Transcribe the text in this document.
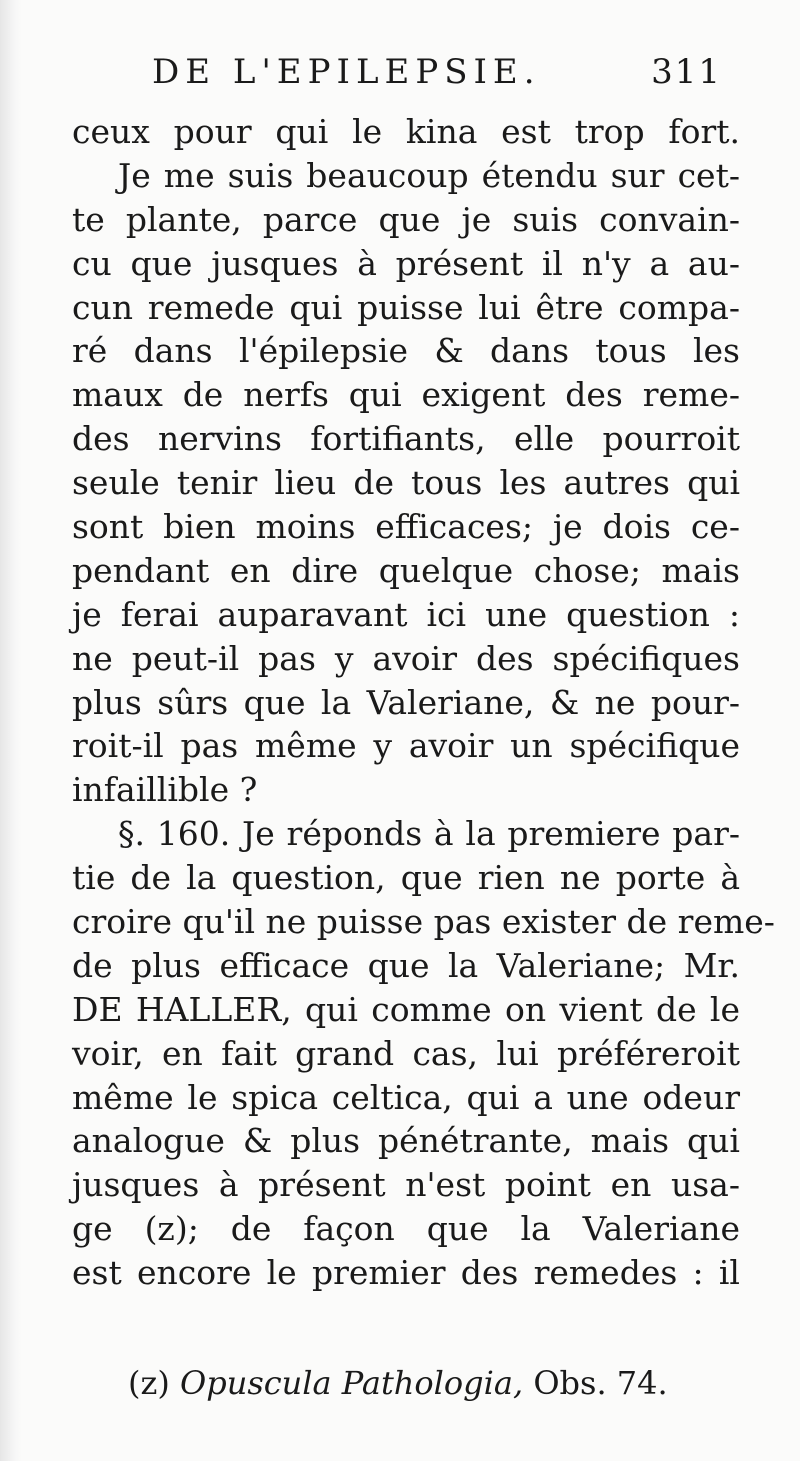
DE L'EPILEPSIE.	311
ceux pour qui le kina est trop fort.
Je me suis beaucoup étendu sur cet-
te plante, parce que je suis convain-
cu que jusques à présent il n'y a au-
cun remede qui puisse lui être compa-
ré dans l'épilepsie & dans tous les
maux de nerfs qui exigent des reme-
des nervins fortifiants, elle pourroit
seule tenir lieu de tous les autres qui
sont bien moins efficaces; je dois ce-
pendant en dire quelque chose; mais
je ferai auparavant ici une question :
ne peut-il pas y avoir des spécifiques
plus sûrs que la Valeriane, & ne pour-
roit-il pas même y avoir un spécifique
infaillible ?
§. 160. Je réponds à la premiere par-
tie de la question, que rien ne porte à
croire qu'il ne puisse pas exister de reme-
de plus efficace que la Valeriane; Mr.
DE HALLER, qui comme on vient de le
voir, en fait grand cas, lui préféreroit
même le spica celtica, qui a une odeur
analogue & plus pénétrante, mais qui
jusques à présent n'est point en usa-
ge (z); de façon que la Valeriane
est encore le premier des remedes : il
(z) Opuscula Pathologia, Obs. 74.
